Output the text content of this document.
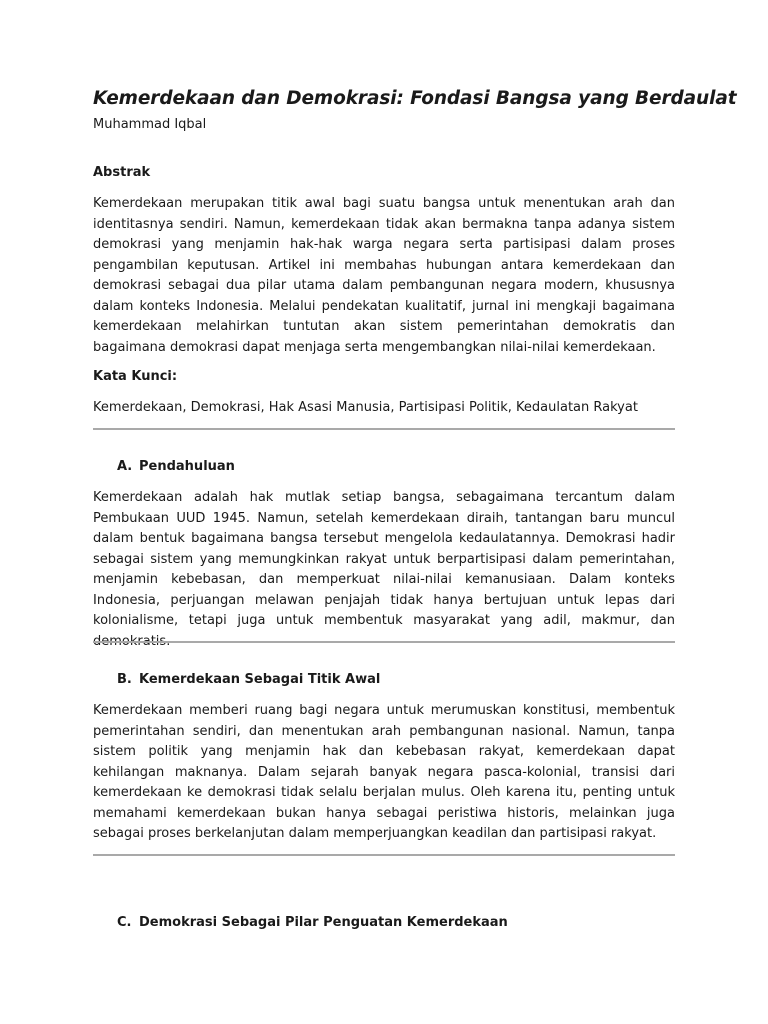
Kemerdekaan dan Demokrasi: Fondasi Bangsa yang Berdaulat
Muhammad Iqbal
Abstrak
Kemerdekaan merupakan titik awal bagi suatu bangsa untuk menentukan arah dan identitasnya sendiri. Namun, kemerdekaan tidak akan bermakna tanpa adanya sistem demokrasi yang menjamin hak-hak warga negara serta partisipasi dalam proses pengambilan keputusan. Artikel ini membahas hubungan antara kemerdekaan dan demokrasi sebagai dua pilar utama dalam pembangunan negara modern, khususnya dalam konteks Indonesia. Melalui pendekatan kualitatif, jurnal ini mengkaji bagaimana kemerdekaan melahirkan tuntutan akan sistem pemerintahan demokratis dan bagaimana demokrasi dapat menjaga serta mengembangkan nilai-nilai kemerdekaan.
Kata Kunci:
Kemerdekaan, Demokrasi, Hak Asasi Manusia, Partisipasi Politik, Kedaulatan Rakyat
A. Pendahuluan
Kemerdekaan adalah hak mutlak setiap bangsa, sebagaimana tercantum dalam Pembukaan UUD 1945. Namun, setelah kemerdekaan diraih, tantangan baru muncul dalam bentuk bagaimana bangsa tersebut mengelola kedaulatannya. Demokrasi hadir sebagai sistem yang memungkinkan rakyat untuk berpartisipasi dalam pemerintahan, menjamin kebebasan, dan memperkuat nilai-nilai kemanusiaan. Dalam konteks Indonesia, perjuangan melawan penjajah tidak hanya bertujuan untuk lepas dari kolonialisme, tetapi juga untuk membentuk masyarakat yang adil, makmur, dan demokratis.
B. Kemerdekaan Sebagai Titik Awal
Kemerdekaan memberi ruang bagi negara untuk merumuskan konstitusi, membentuk pemerintahan sendiri, dan menentukan arah pembangunan nasional. Namun, tanpa sistem politik yang menjamin hak dan kebebasan rakyat, kemerdekaan dapat kehilangan maknanya. Dalam sejarah banyak negara pasca-kolonial, transisi dari kemerdekaan ke demokrasi tidak selalu berjalan mulus. Oleh karena itu, penting untuk memahami kemerdekaan bukan hanya sebagai peristiwa historis, melainkan juga sebagai proses berkelanjutan dalam memperjuangkan keadilan dan partisipasi rakyat.
C. Demokrasi Sebagai Pilar Penguatan Kemerdekaan
